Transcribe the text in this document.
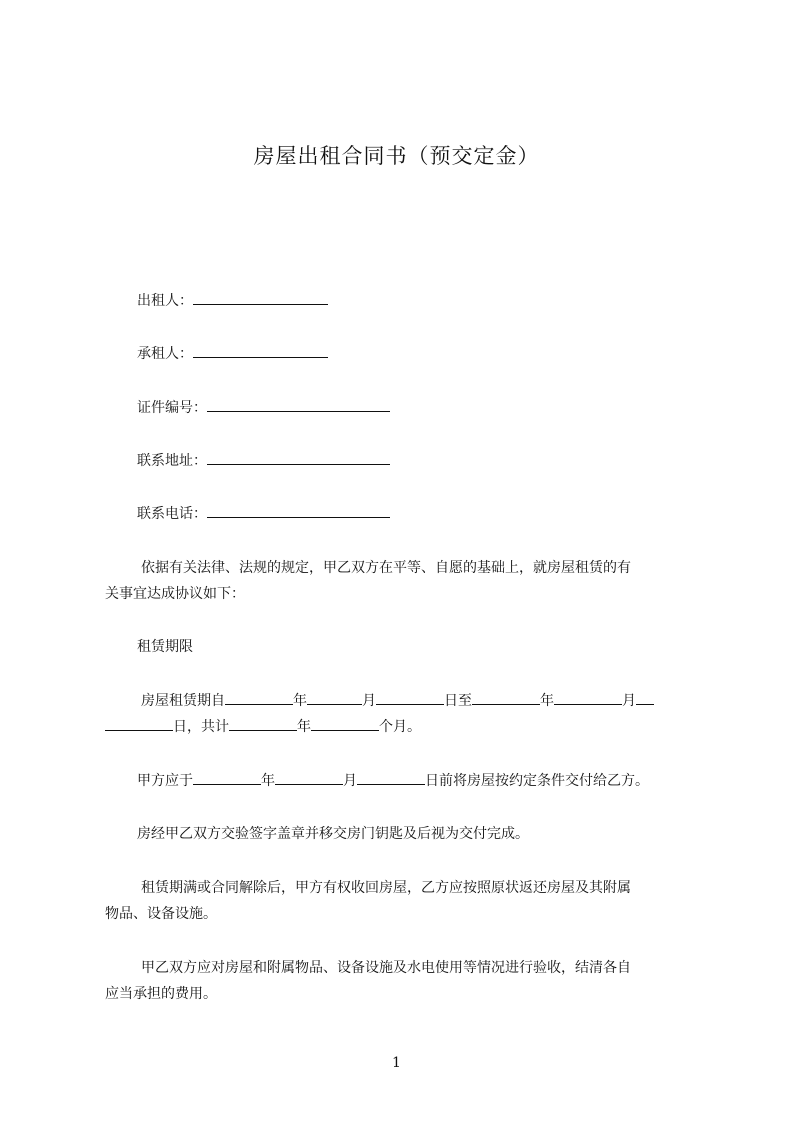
房屋出租合同书（预交定金）
出租人：
承租人：
证件编号：
联系地址：
联系电话：
依据有关法律、法规的规定，甲乙双方在平等、自愿的基础上，就房屋租赁的有
关事宜达成协议如下：
租赁期限
房屋租赁期自	年	月	日至	年	月
日，共计	年	个月。
甲方应于	年	月	日前将房屋按约定条件交付给乙方。
房经甲乙双方交验签字盖章并移交房门钥匙及后视为交付完成。
租赁期满或合同解除后，甲方有权收回房屋，乙方应按照原状返还房屋及其附属
物品、设备设施。
甲乙双方应对房屋和附属物品、设备设施及水电使用等情况进行验收，结清各自
应当承担的费用。
1
